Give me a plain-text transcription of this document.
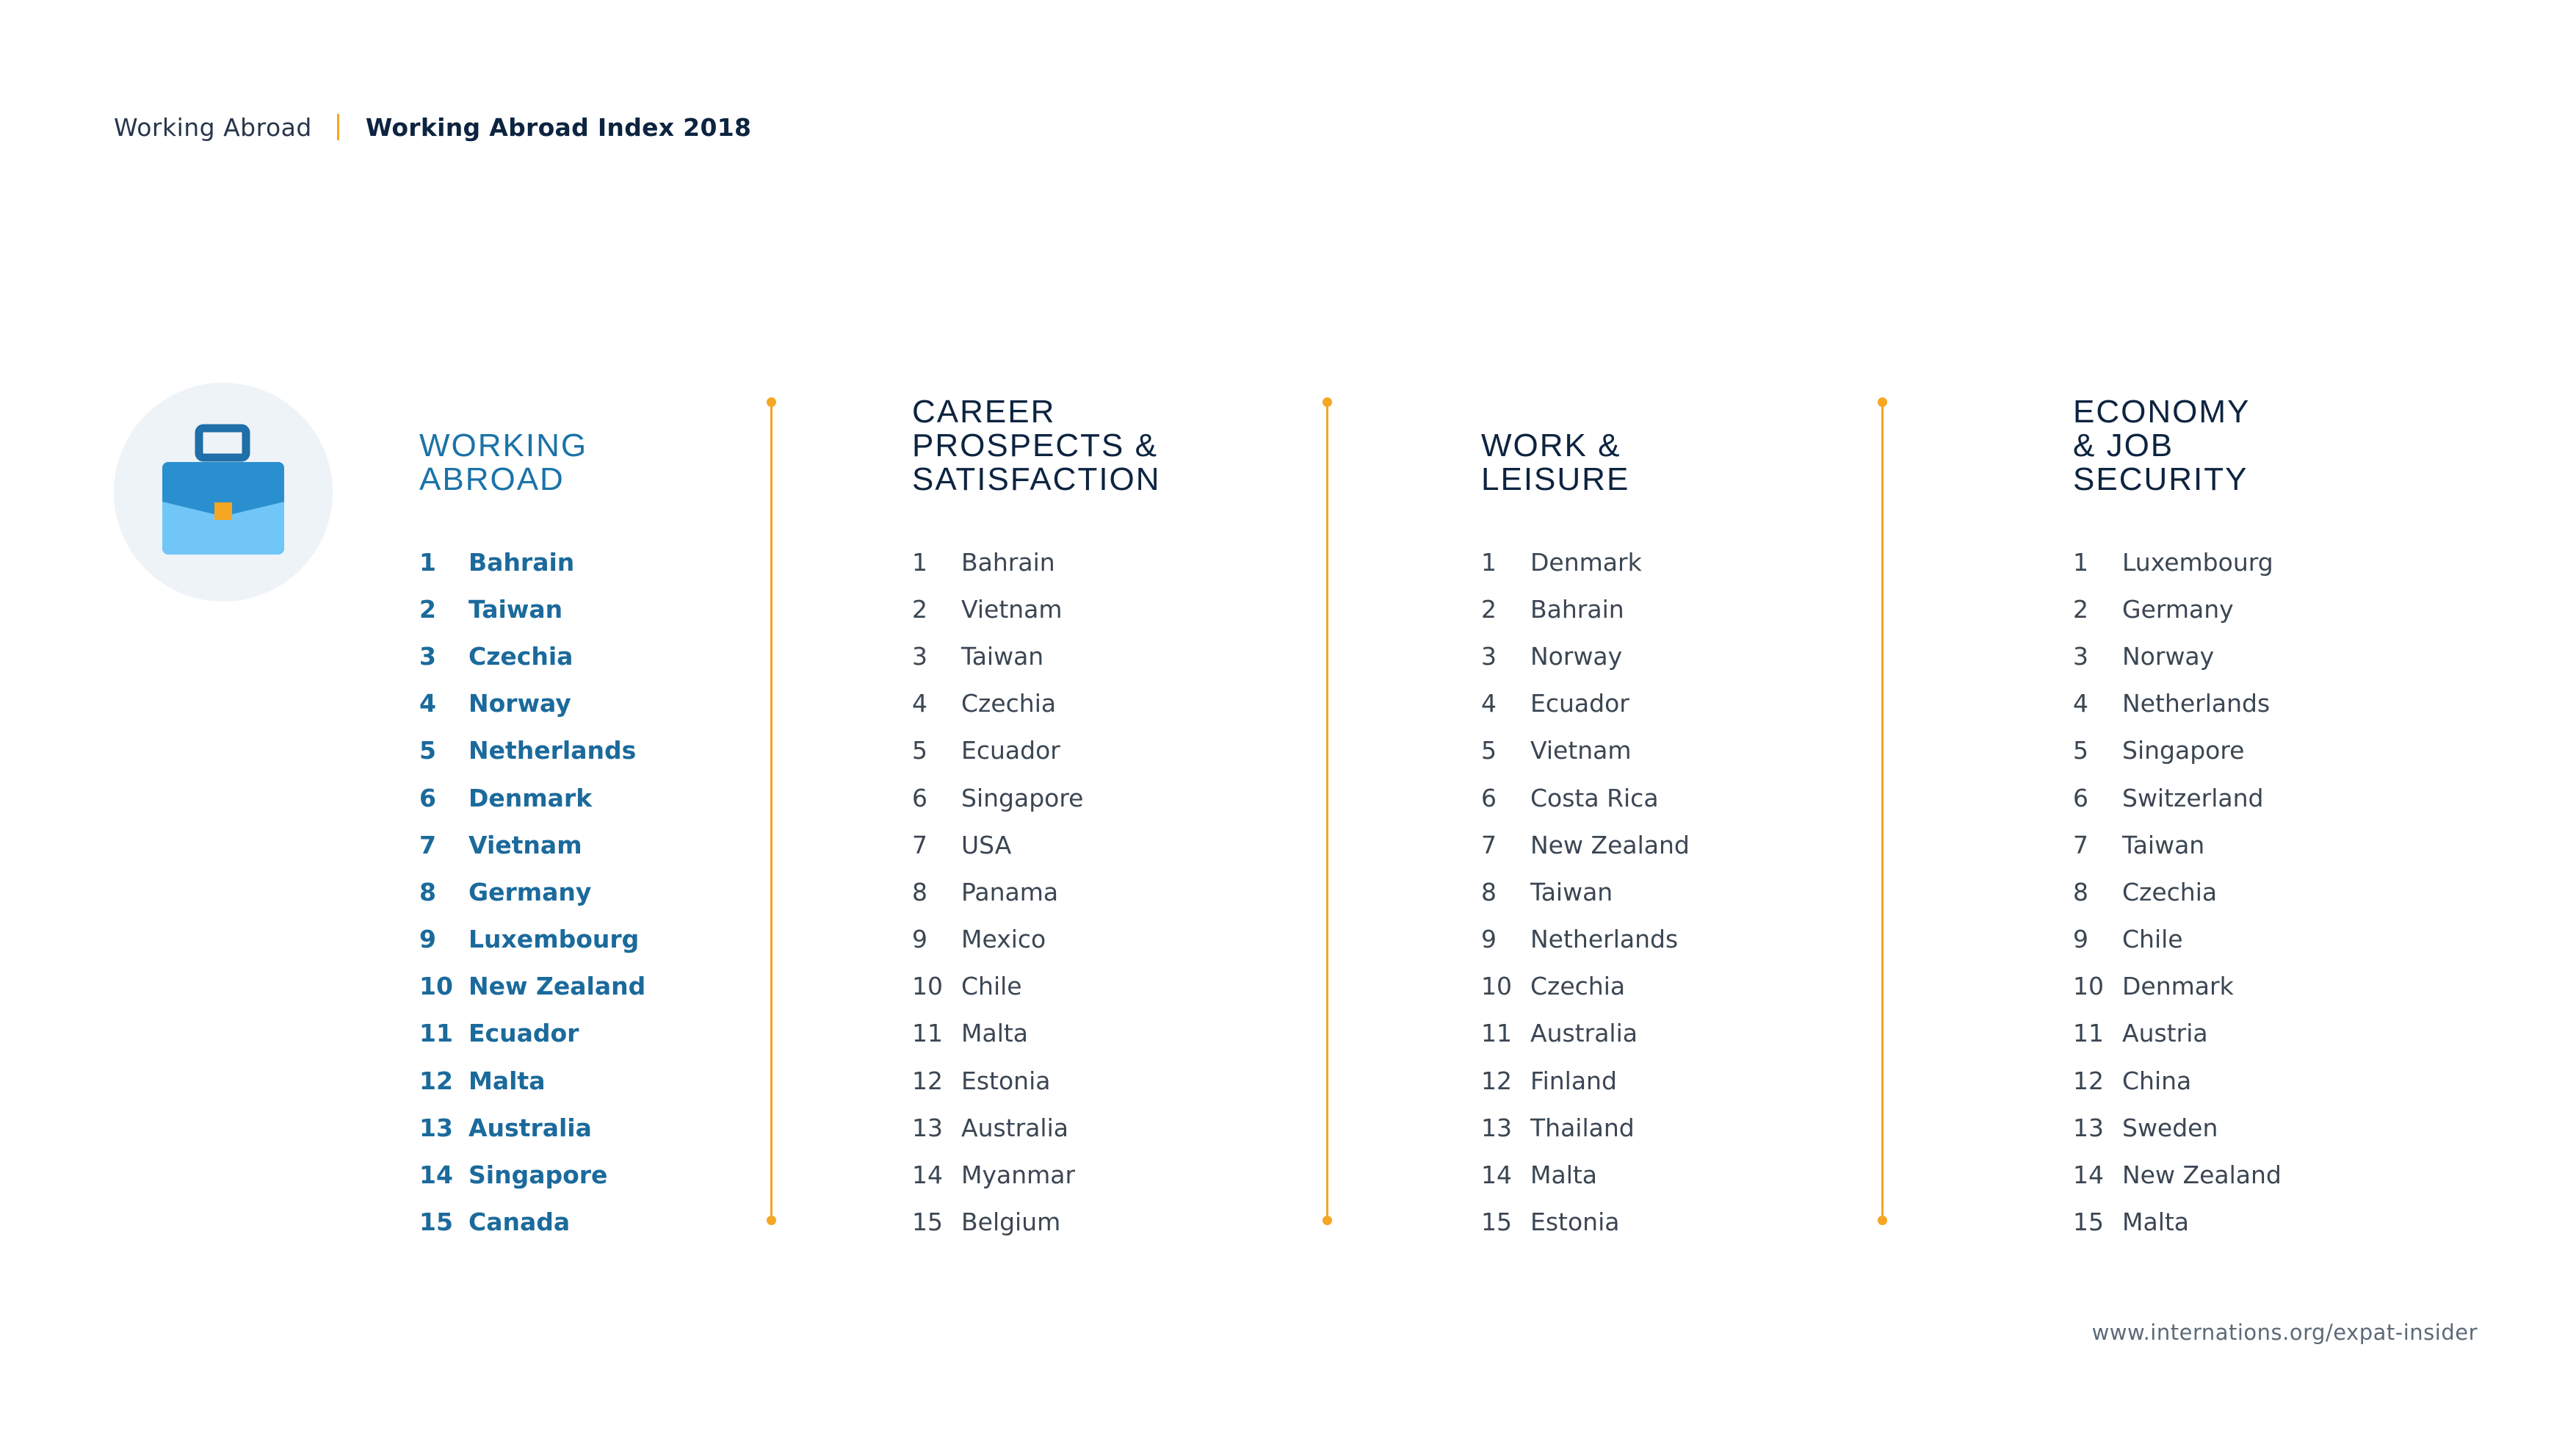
Working Abroad Working Abroad Index 2018
WORKING
ABROAD
1	Bahrain
2	Taiwan
3	Czechia
4	Norway
5	Netherlands
6	Denmark
7	Vietnam
8	Germany
9	Luxembourg
10 New Zealand
11 Ecuador
12 Malta
13 Australia
14 Singapore
15 Canada
CAREER
PROSPECTS &
SATISFACTION
1	Bahrain
2	Vietnam
3	Taiwan
4	Czechia
5	Ecuador
6	Singapore
7	USA
8	Panama
9	Mexico
10 Chile
11 Malta
12 Estonia
13 Australia
14 Myanmar
15 Belgium
WORK &
LEISURE
1	Denmark
2	Bahrain
3	Norway
4	Ecuador
5	Vietnam
6	Costa Rica
7	New Zealand
8	Taiwan
9	Netherlands
10 Czechia
11 Australia
12 Finland
13 Thailand
14 Malta
15 Estonia
ECONOMY
& JOB
SECURITY
1	Luxembourg
2	Germany
3	Norway
4	Netherlands
5	Singapore
6	Switzerland
7	Taiwan
8	Czechia
9	Chile
10 Denmark
11 Austria
12 China
13 Sweden
14 New Zealand
15 Malta
www.internations.org/expat-insider
